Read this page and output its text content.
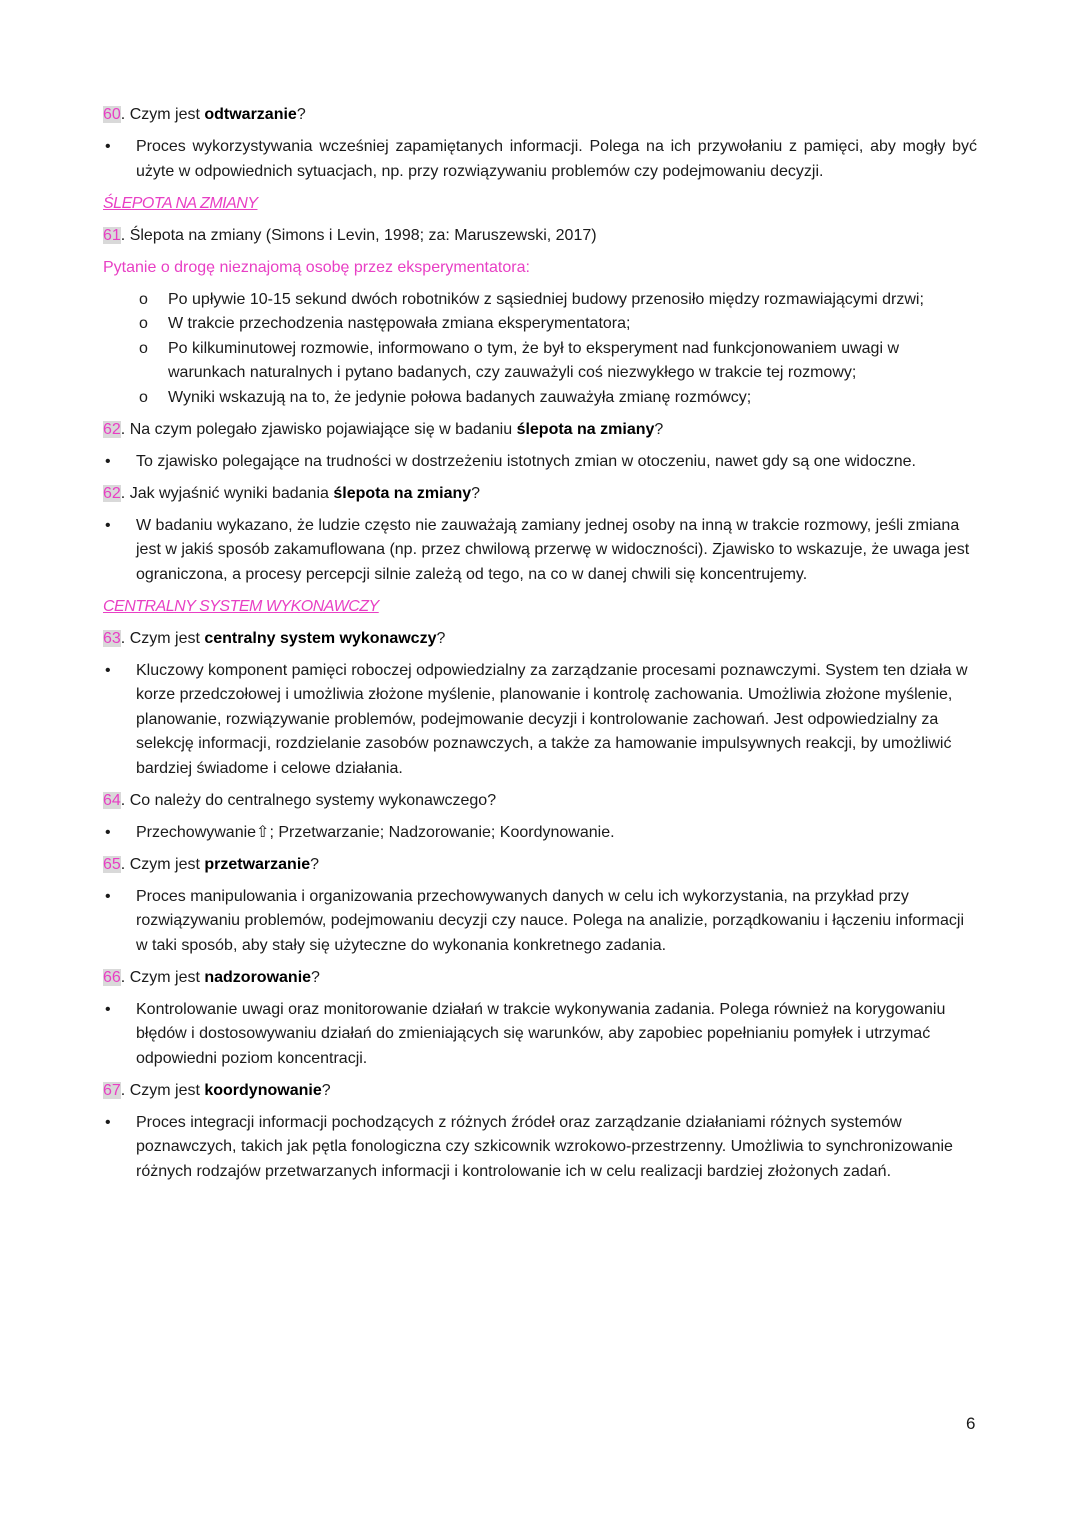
60. Czym jest odtwarzanie?
• Proces wykorzystywania wcześniej zapamiętanych informacji. Polega na ich przywołaniu z pamięci, aby mogły być użyte w odpowiednich sytuacjach, np. przy rozwiązywaniu problemów czy podejmowaniu decyzji.
ŚLEPOTA NA ZMIANY
61. Ślepota na zmiany (Simons i Levin, 1998; za: Maruszewski, 2017)
Pytanie o drogę nieznajomą osobę przez eksperymentatora:
o Po upływie 10-15 sekund dwóch robotników z sąsiedniej budowy przenosiło między rozmawiającymi drzwi;
o W trakcie przechodzenia następowała zmiana eksperymentatora;
o Po kilkuminutowej rozmowie, informowano o tym, że był to eksperyment nad funkcjonowaniem uwagi w warunkach naturalnych i pytano badanych, czy zauważyli coś niezwykłego w trakcie tej rozmowy;
o Wyniki wskazują na to, że jedynie połowa badanych zauważyła zmianę rozmówcy;
62. Na czym polegało zjawisko pojawiające się w badaniu ślepota na zmiany?
• To zjawisko polegające na trudności w dostrzeżeniu istotnych zmian w otoczeniu, nawet gdy są one widoczne.
62. Jak wyjaśnić wyniki badania ślepota na zmiany?
• W badaniu wykazano, że ludzie często nie zauważają zamiany jednej osoby na inną w trakcie rozmowy, jeśli zmiana jest w jakiś sposób zakamuflowana (np. przez chwilową przerwę w widoczności). Zjawisko to wskazuje, że uwaga jest ograniczona, a procesy percepcji silnie zależą od tego, na co w danej chwili się koncentrujemy.
CENTRALNY SYSTEM WYKONAWCZY
63. Czym jest centralny system wykonawczy?
• Kluczowy komponent pamięci roboczej odpowiedzialny za zarządzanie procesami poznawczymi. System ten działa w korze przedczołowej i umożliwia złożone myślenie, planowanie i kontrolę zachowania. Umożliwia złożone myślenie, planowanie, rozwiązywanie problemów, podejmowanie decyzji i kontrolowanie zachowań. Jest odpowiedzialny za selekcję informacji, rozdzielanie zasobów poznawczych, a także za hamowanie impulsywnych reakcji, by umożliwić bardziej świadome i celowe działania.
64. Co należy do centralnego systemy wykonawczego?
• Przechowywanie⇧; Przetwarzanie; Nadzorowanie; Koordynowanie.
65. Czym jest przetwarzanie?
• Proces manipulowania i organizowania przechowywanych danych w celu ich wykorzystania, na przykład przy rozwiązywaniu problemów, podejmowaniu decyzji czy nauce. Polega na analizie, porządkowaniu i łączeniu informacji w taki sposób, aby stały się użyteczne do wykonania konkretnego zadania.
66. Czym jest nadzorowanie?
• Kontrolowanie uwagi oraz monitorowanie działań w trakcie wykonywania zadania. Polega również na korygowaniu błędów i dostosowywaniu działań do zmieniających się warunków, aby zapobiec popełnianiu pomyłek i utrzymać odpowiedni poziom koncentracji.
67. Czym jest koordynowanie?
• Proces integracji informacji pochodzących z różnych źródeł oraz zarządzanie działaniami różnych systemów poznawczych, takich jak pętla fonologiczna czy szkicownik wzrokowo-przestrzenny. Umożliwia to synchronizowanie różnych rodzajów przetwarzanych informacji i kontrolowanie ich w celu realizacji bardziej złożonych zadań.
6
